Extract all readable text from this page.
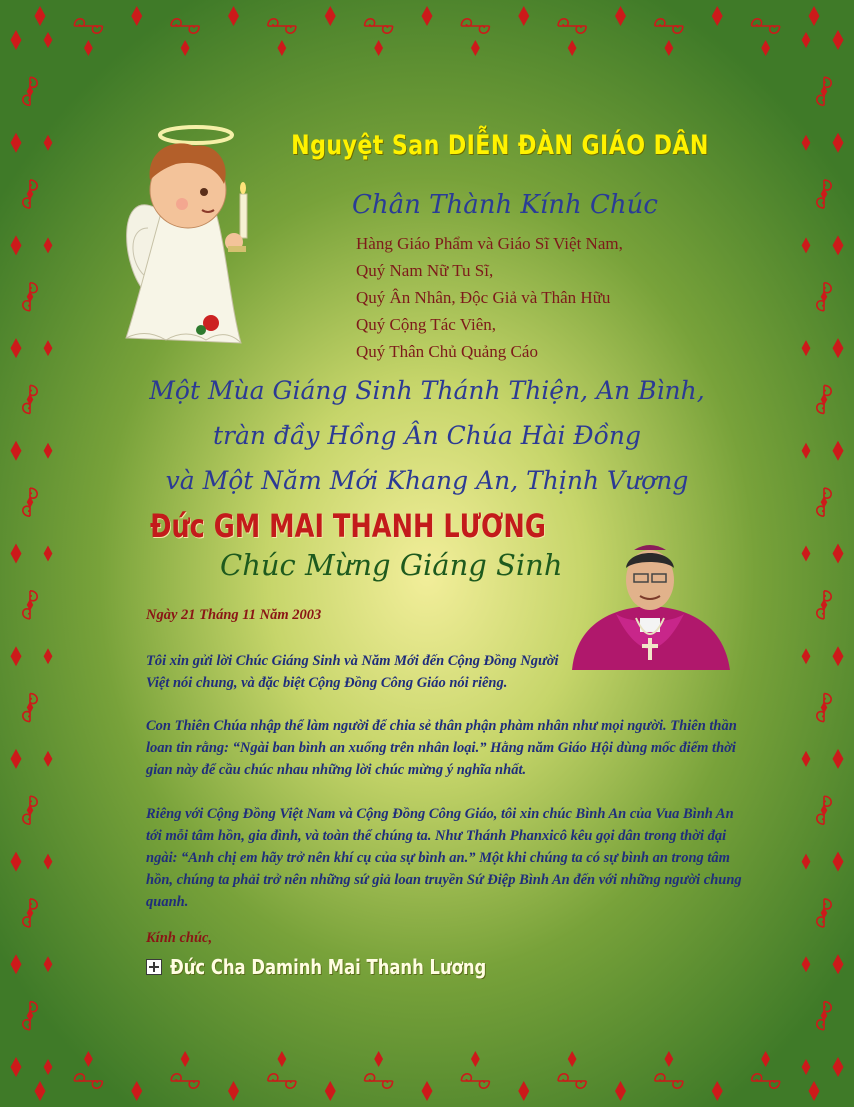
Nguyệt San DIỄN ĐÀN GIÁO DÂN
Chân Thành Kính Chúc
Hàng Giáo Phẩm và Giáo Sĩ Việt Nam,
Quý Nam Nữ Tu Sĩ,
Quý Ân Nhân, Độc Giả và Thân Hữu
Quý Cộng Tác Viên,
Quý Thân Chủ Quảng Cáo
Một Mùa Giáng Sinh Thánh Thiện, An Bình,
tràn đầy Hồng Ân Chúa Hài Đồng
và Một Năm Mới Khang An, Thịnh Vượng
Đức GM MAI THANH LƯƠNG
Chúc Mừng Giáng Sinh
Ngày 21 Tháng 11 Năm 2003

Tôi xin gửi lời Chúc Giáng Sinh và Năm Mới đến Cộng Đồng Người Việt nói chung, và đặc biệt Cộng Đồng Công Giáo nói riêng.

Con Thiên Chúa nhập thể làm người để chia sẻ thân phận phàm nhân như mọi người. Thiên thần loan tin rằng: “Ngài ban bình an xuống trên nhân loại.” Hằng năm Giáo Hội dùng mốc điểm thời gian này để cầu chúc nhau những lời chúc mừng ý nghĩa nhất.

Riêng với Cộng Đồng Việt Nam và Cộng Đồng Công Giáo, tôi xin chúc Bình An của Vua Bình An tới mỗi tâm hồn, gia đình, và toàn thể chúng ta. Như Thánh Phanxicô kêu gọi dân trong thời đại ngài: “Anh chị em hãy trở nên khí cụ của sự bình an.” Một khi chúng ta có sự bình an trong tâm hồn, chúng ta phải trở nên những sứ giả loan truyền Sứ Điệp Bình An đến với những người chung quanh.

Kính chúc,
Đức Cha Daminh Mai Thanh Lương
